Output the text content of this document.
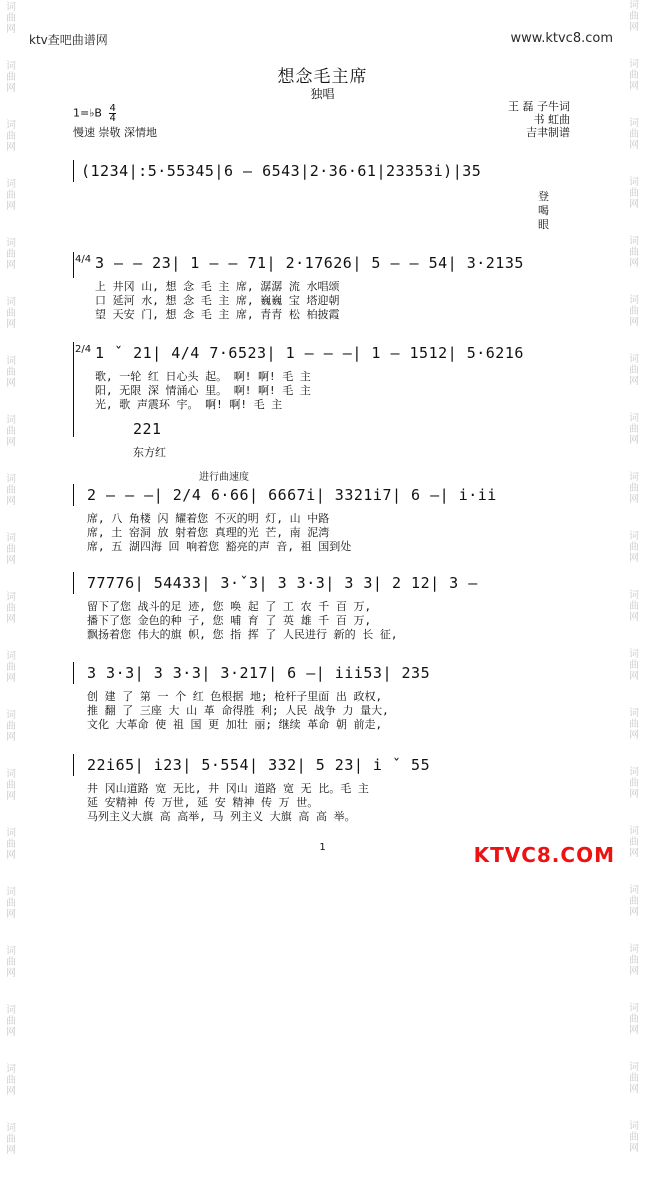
词
曲
网
词
曲
网
词
曲
网
词
曲
网
词
曲
网
词
曲
网
词
曲
网
词
曲
网
词
曲
网
词
曲
网
词
曲
网
词
曲
网
词
曲
网
词
曲
网
词
曲
网
词
曲
网
词
曲
网
词
曲
网
词
曲
网
词
曲
网
词
曲
网
词
曲
网
词
曲
网
词
曲
网
词
曲
网
词
曲
网
词
曲
网
词
曲
网
词
曲
网
词
曲
网
词
曲
网
词
曲
网
词
曲
网
词
曲
网
词
曲
网
词
曲
网
词
曲
网
词
曲
网
词
曲
网
词
曲
网
ktv查吧曲谱网	www.ktvc8.com
想念毛主席
独唱
1=♭B $\frac{4}{4}$
慢速 崇敬 深情地
王 磊 子牛词
书 虹曲
吉聿制谱
(1234|:5·55345|6 — 6543|2·36·61|23353i)|35
登
喝
眼
4/4 3 — — 23| 1 — — 71| 2·17626| 5 — — 54| 3·2135
上 井冈 山, 想 念 毛 主 席, 潺潺 流 水唱颂
口 延河 水, 想 念 毛 主 席, 巍巍 宝 塔迎朝
望 天安 门, 想 念 毛 主 席, 青青 松 柏披霞
2/4 1 ˇ 21| 4/4 7·6523| 1 — — —| 1 — 1512| 5·6216
歌, 一轮 红 日心头 起。 啊! 啊! 毛 主
阳, 无限 深 情涌心 里。 啊! 啊! 毛 主
光, 歌 声震环 宇。 啊! 啊! 毛 主
221
东方红
进行曲速度
2 — — —| 2/4 6·66| 6667i| 3321i7| 6 —| i·ii
席, 八 角楼 闪 耀着您 不灭的明 灯, 山 中路
席, 土 窑洞 放 射着您 真理的光 芒, 南 泥湾
席, 五 湖四海 回 响着您 豁亮的声 音, 祖 国到处
77776| 54433| 3·ˇ3| 3 3·3| 3 3| 2 12| 3 —
留下了您 战斗的足 迹, 您 唤 起 了 工 农 千 百 万,
播下了您 金色的种 子, 您 哺 育 了 英 雄 千 百 万,
飘扬着您 伟大的旗 帜, 您 指 挥 了 人民进行 新的 长 征,
3 3·3| 3 3·3| 3·217| 6 —| iii53| 235
创 建 了 第 一 个 红 色根据 地; 枪杆子里面 出 政权,
推 翻 了 三座 大 山 革 命得胜 利; 人民 战争 力 量大,
文化 大革命 使 祖 国 更 加壮 丽; 继续 革命 朝 前走,
22i65| i23| 5·554| 332| 5 23| i ˇ 55
井 冈山道路 宽 无比, 井 冈山 道路 宽 无 比。毛 主
延 安精神 传 万世, 延 安 精神 传 万 世。
马列主义大旗 高 高举, 马 列主义 大旗 高 高 举。
1	KTVC8.COM
